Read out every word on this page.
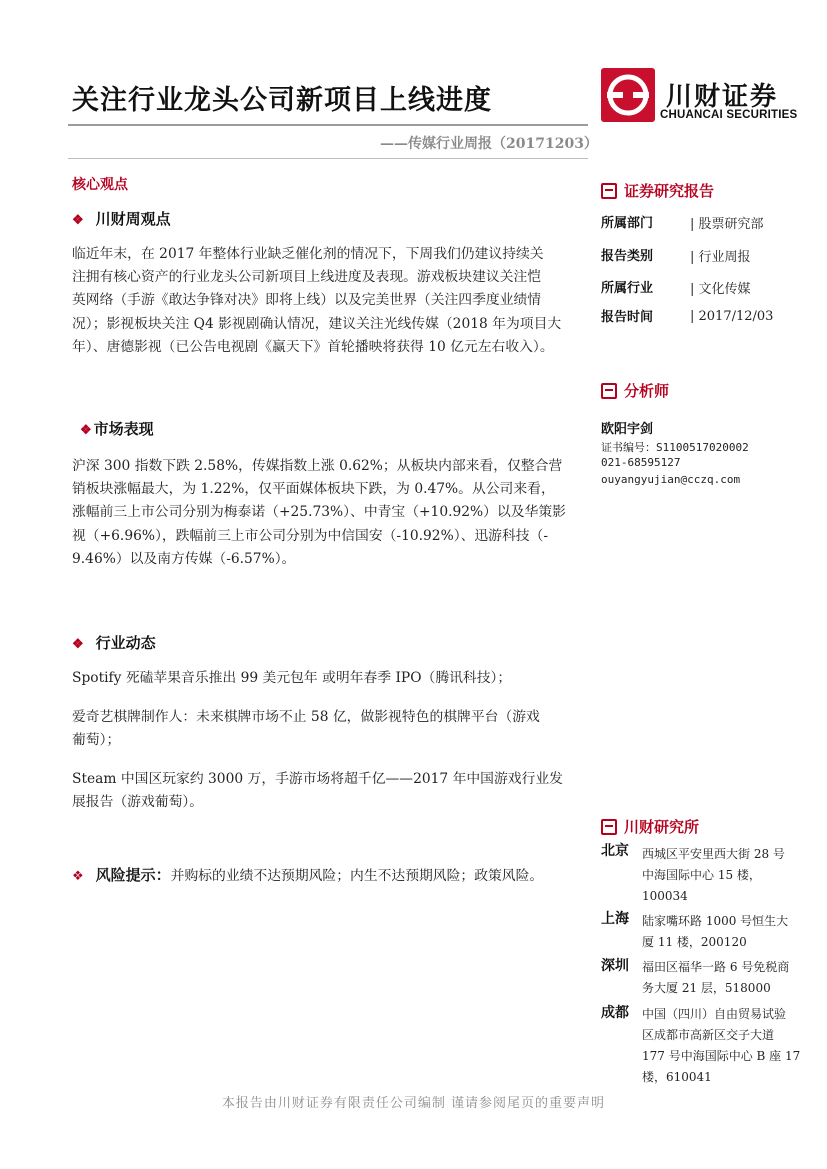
关注行业龙头公司新项目上线进度
——传媒行业周报（20171203）
川财证券
CHUANCAI SECURITIES
核心观点
❖ 川财周观点
临近年末，在 2017 年整体行业缺乏催化剂的情况下，下周我们仍建议持续关
注拥有核心资产的行业龙头公司新项目上线进度及表现。游戏板块建议关注恺
英网络（手游《敢达争锋对决》即将上线）以及完美世界（关注四季度业绩情
况）；影视板块关注 Q4 影视剧确认情况，建议关注光线传媒（2018 年为项目大
年）、唐德影视（已公告电视剧《赢天下》首轮播映将获得 10 亿元左右收入）。
❖ 市场表现
沪深 300 指数下跌 2.58%，传媒指数上涨 0.62%；从板块内部来看，仅整合营
销板块涨幅最大，为 1.22%，仅平面媒体板块下跌，为 0.47%。从公司来看，
涨幅前三上市公司分别为梅泰诺（+25.73%）、中青宝（+10.92%）以及华策影
视（+6.96%），跌幅前三上市公司分别为中信国安（-10.92%）、迅游科技（-
9.46%）以及南方传媒（-6.57%）。
❖ 行业动态
Spotify 死磕苹果音乐推出 99 美元包年 或明年春季 IPO（腾讯科技）；
爱奇艺棋牌制作人：未来棋牌市场不止 58 亿，做影视特色的棋牌平台（游戏
葡萄）；
Steam 中国区玩家约 3000 万，手游市场将超千亿——2017 年中国游戏行业发
展报告（游戏葡萄）。
❖ 风险提示：并购标的业绩不达预期风险；内生不达预期风险；政策风险。
证券研究报告
所属部门	| 股票研究部
报告类别	| 行业周报
所属行业	| 文化传媒
报告时间	| 2017/12/03
分析师
欧阳宇剑
证书编号：S1100517020002
021-68595127
ouyangyujian@cczq.com
川财研究所
北京 西城区平安里西大街 28 号
中海国际中心 15 楼，
100034
上海 陆家嘴环路 1000 号恒生大
厦 11 楼，200120
深圳 福田区福华一路 6 号免税商
务大厦 21 层，518000
成都 中国（四川）自由贸易试验
区成都市高新区交子大道
177 号中海国际中心 B 座 17
楼，610041
本报告由川财证券有限责任公司编制 谨请参阅尾页的重要声明
